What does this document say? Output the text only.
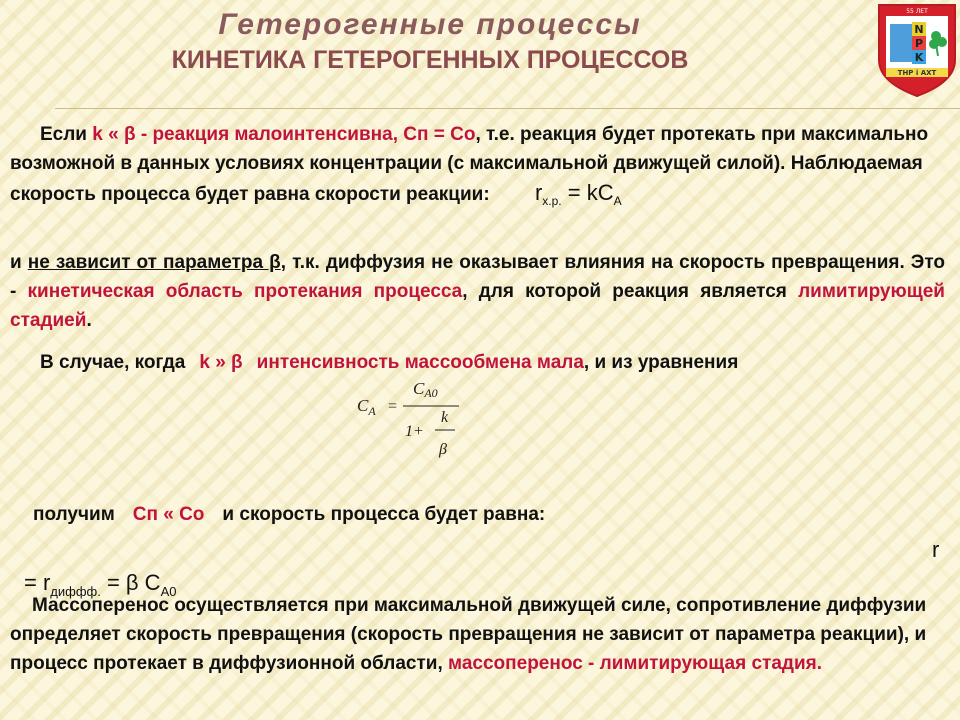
Гетерогенные процессы
КИНЕТИКА ГЕТЕРОГЕННЫХ ПРОЦЕССОВ
55 ЛЕТ
N
P
K
ТНР і АХТ
Если k « β - реакция малоинтенсивна, Сп = Со, т.е. реакция будет протекать при максимально возможной в данных условиях концентрации (с максимальной движущей силой). Наблюдаемая скорость процесса будет равна скорости реакции: $r_{х.р.} = kC_A$
и не зависит от параметра β, т.к. диффузия не оказывает влияния на скорость превращения. Это - кинетическая область протекания процесса, для которой реакция является лимитирующей стадией.
В случае, когда k » β интенсивность массообмена мала, и из уравнения
$C_A$ =
CA0
1+
k
β
получим Сп « Со и скорость процесса будет равна:
r
= $r_{диффф.} = \beta$ $C_{A0}$
Массоперенос осуществляется при максимальной движущей силе, сопротивление диффузии определяет скорость превращения (скорость превращения не зависит от параметра реакции), и процесс протекает в диффузионной области, массоперенос - лимитирующая стадия.
